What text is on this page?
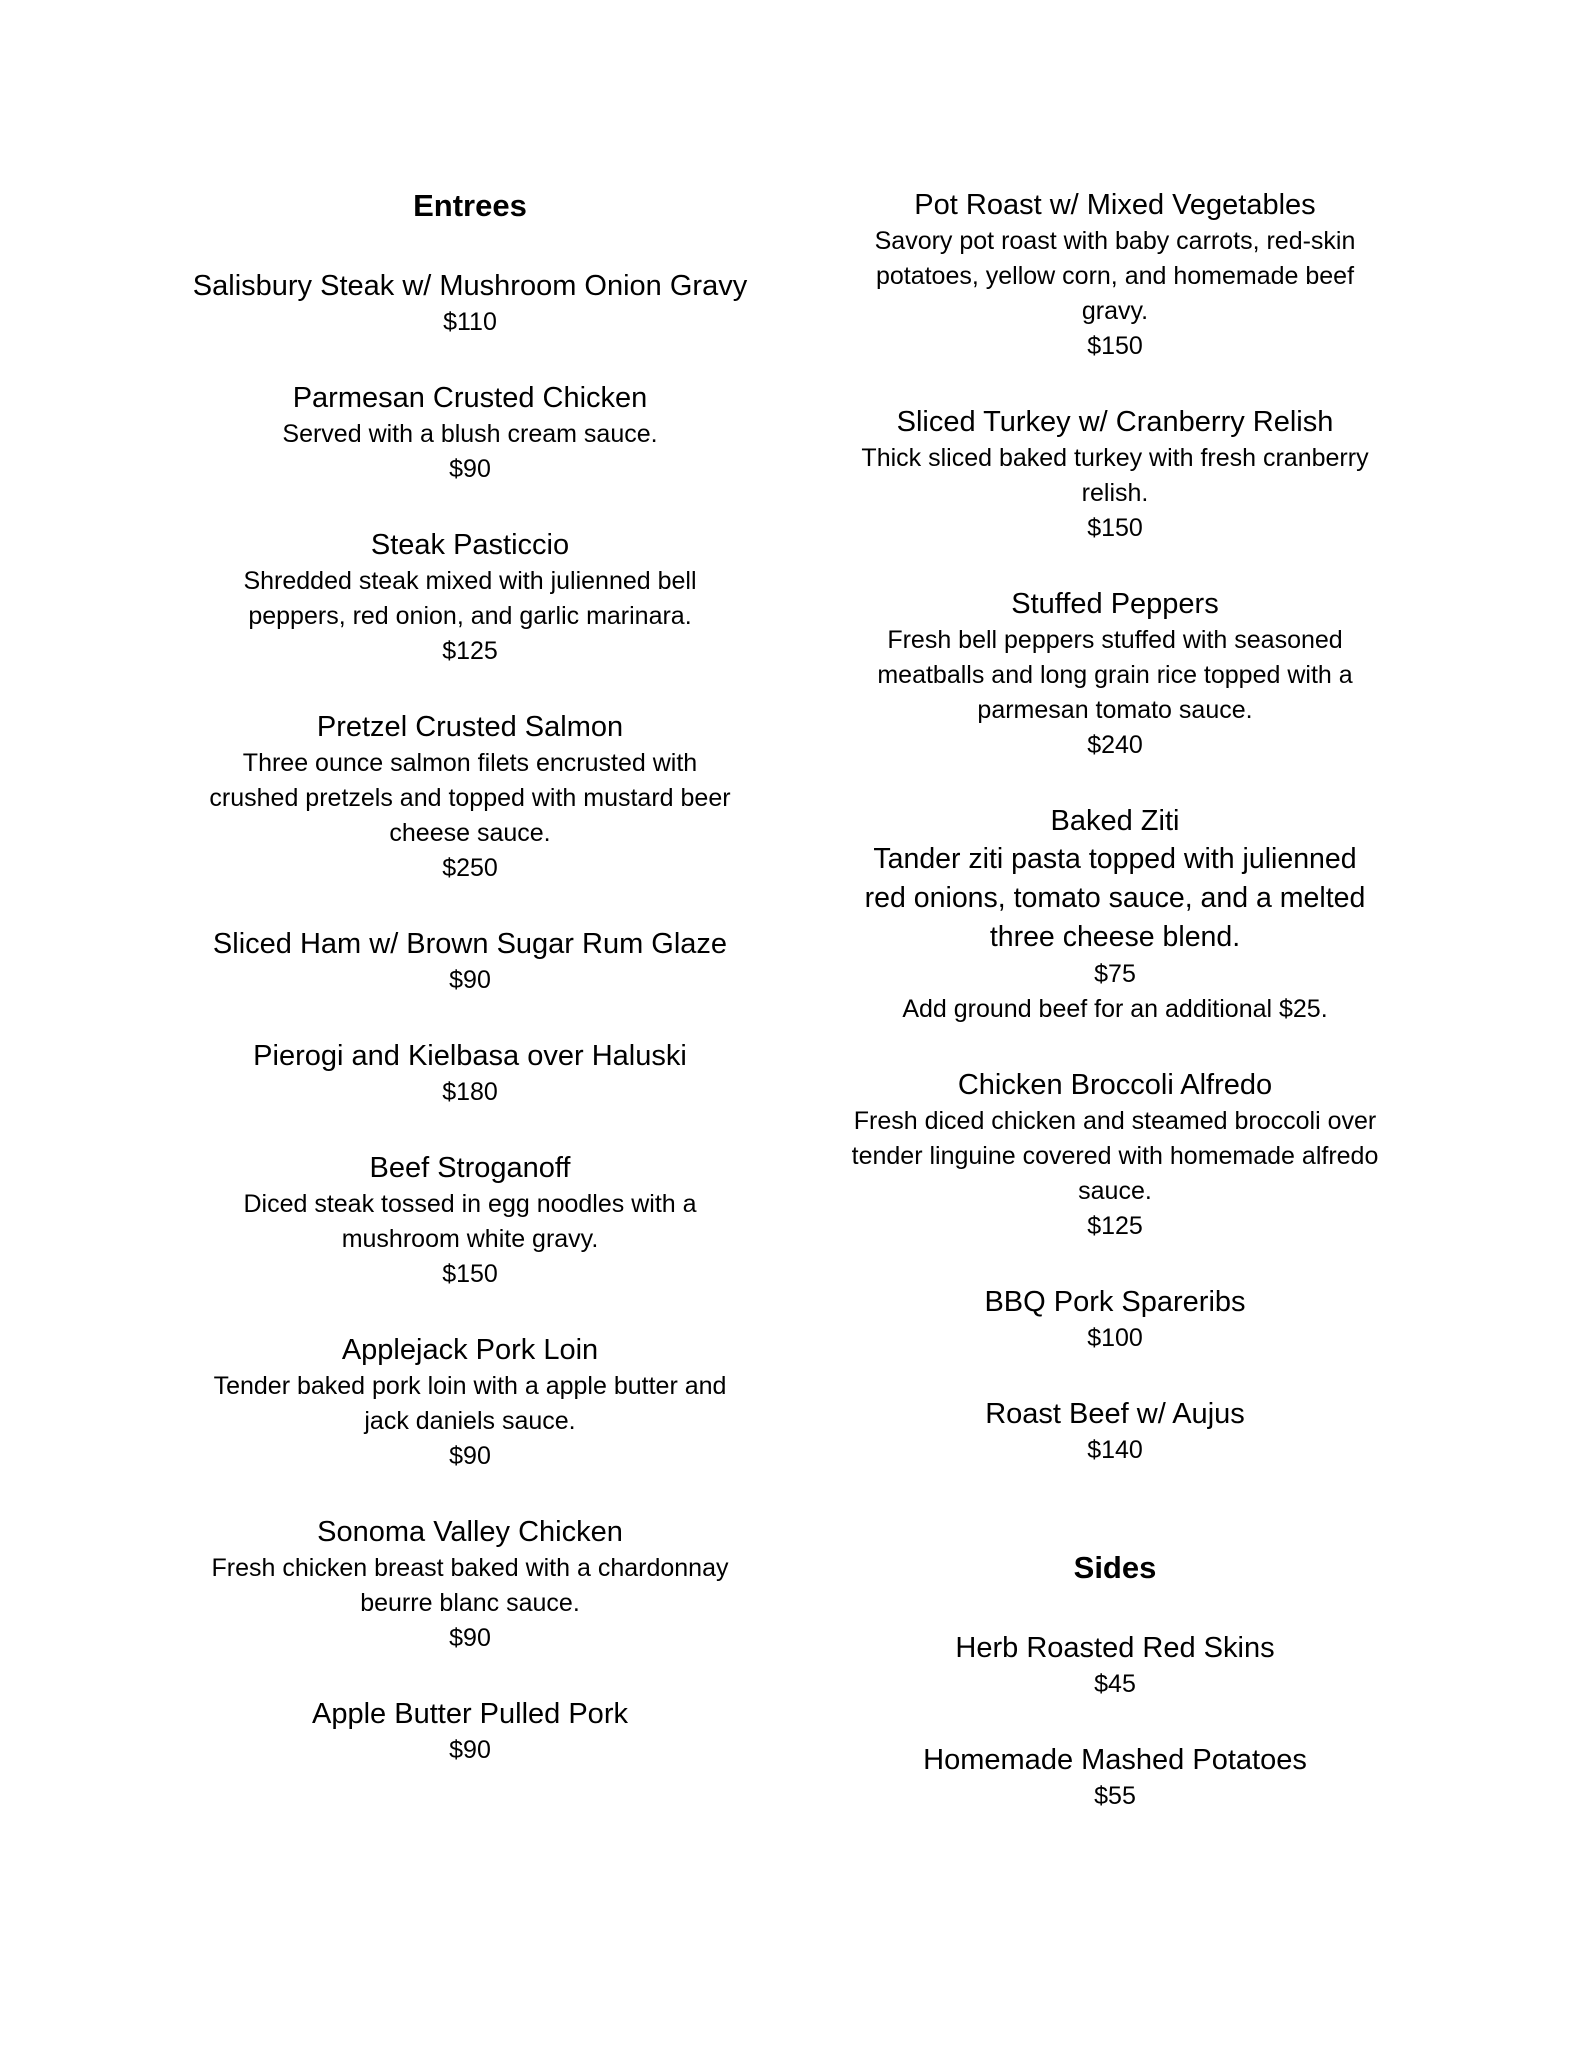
Entrees
Salisbury Steak w/ Mushroom Onion Gravy
$110
Parmesan Crusted Chicken
Served with a blush cream sauce.
$90
Steak Pasticcio
Shredded steak mixed with julienned bell
peppers, red onion, and garlic marinara.
$125
Pretzel Crusted Salmon
Three ounce salmon filets encrusted with
crushed pretzels and topped with mustard beer
cheese sauce.
$250
Sliced Ham w/ Brown Sugar Rum Glaze
$90
Pierogi and Kielbasa over Haluski
$180
Beef Stroganoff
Diced steak tossed in egg noodles with a
mushroom white gravy.
$150
Applejack Pork Loin
Tender baked pork loin with a apple butter and
jack daniels sauce.
$90
Sonoma Valley Chicken
Fresh chicken breast baked with a chardonnay
beurre blanc sauce.
$90
Apple Butter Pulled Pork
$90
Pot Roast w/ Mixed Vegetables
Savory pot roast with baby carrots, red-skin
potatoes, yellow corn, and homemade beef
gravy.
$150
Sliced Turkey w/ Cranberry Relish
Thick sliced baked turkey with fresh cranberry
relish.
$150
Stuffed Peppers
Fresh bell peppers stuffed with seasoned
meatballs and long grain rice topped with a
parmesan tomato sauce.
$240
Baked Ziti
Tander ziti pasta topped with julienned
red onions, tomato sauce, and a melted
three cheese blend.
$75
Add ground beef for an additional $25.
Chicken Broccoli Alfredo
Fresh diced chicken and steamed broccoli over
tender linguine covered with homemade alfredo
sauce.
$125
BBQ Pork Spareribs
$100
Roast Beef w/ Aujus
$140
Sides
Herb Roasted Red Skins
$45
Homemade Mashed Potatoes
$55
